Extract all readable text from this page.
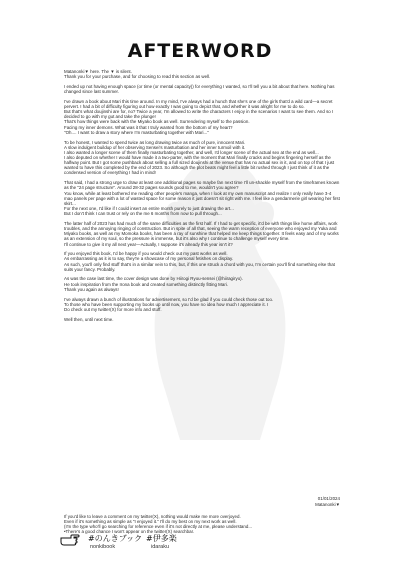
AFTERWORD

Matanonki▼ here. The ▼ is silent.
Thank you for your purchase, and for choosing to read this section as well.

I ended up not having enough space (or time (or mental capacity)) for everything I wanted, so I'll tell you a bit about that here. Nothing has changed since last summer.

I've drawn a book about Mari this time around. In my mind, I've always had a hunch that she's one of the girls that'd a wild card—a secret pervert. I had a bit of difficulty figuring out how exactly I was going to depict that, and whether it was alright for me to do so.
But that's what doujinshi are for, no? Twice a year, I'm allowed to write the characters I enjoy in the scenarios I want to see them. And so I decided to go with my gut and take the plunge!
That's how things were back with the Miyako book as well. Surrendering myself to the passion.
Facing my inner demons. What was it that I truly wanted from the bottom of my heart?
"Oh.... I want to draw a story where I'm masturbating together with Mari..."

To be honest, I wanted to spend twice as long drawing twice as much of pure, innocent Mari.
A slow indulgent buildup of her observing Sensei's masturbation and her inner turmoil with it.
I also wanted a longer scene of them finally masturbating together, and well, I'd longer scene of the actual sex at the end as well...
I also deputed on whether I would have made it a two-parter, with the moment that Mari finally cracks and begins fingering herself as the halfway point. But I got some pushback about selling a full sized doujinshi at the venue that has no actual sex in it, and on top of that I just wanted to have this completed by the end of 2023. So although the plot beats might feel a little bit rushed through I just think of it as the condensed version of everything I had in mind!

That said, I had a strong urge to draw at least one additional pages so maybe fan next time I'll un-shackle myself from the timeframes known as the "24 page structure". Around 28-32 pages sounds good to me, wouldn't you agree?
You know, while at least bothered me reading other people's manga, when I look at my own manuscript and realize I only really have 3-4 mao panels per page with a lot of wasted space for some reason it just doesn't sit right with me. I feel like a gendarmerie girl wearing her first skirt...
For the next one, I'd like if I could insert an entire month purely to just drawing the art...
But I don't think I can trust or rely on the me 6 months from now to pull through...

The latter half of 2023 has had much of the same difficulties as the first half. If I had to get specific, it'd be with things like home affairs, work troubles, and the annoying ringing of construction. But in spite of all that, seeing the warm reception of everyone who enjoyed my Yuka and Miyako books, as well as my Momoka books, has been a ray of sunshine that helped me keep things together. It feels easy and of my works as an extension of my soul, so the pressure is immense, but it's also why I continue to challenge myself every time.
I'll continue to give it my all next year—Actually, I suppose it's already this year isn't it?

If you enjoyed this book, I'd be happy if you would check out my past works as well.
As embarrassing as it is to say, they're a showcase of my personal fetishes on display.
As such, you'll only find stuff that's in a similar vein to this, but, if this one struck a chord with you, I'm certain you'll find something else that suits your fancy. Probably.

As was the case last time, the cover design was done by Hiirogi Ryou-sensei (@hiiragiryo).
He took inspiration from the Irona book and created something distinctly fitting Mari.
Thank you again as always!

I've always drawn a bunch of illustrations for advertisement, so I'd be glad if you could check those out too.
To those who have been supporting my books up until now, you have no idea how much I appreciate it. I
Do check out my twitter(X) for more info and stuff.

Well then, until next time.

01/01/2024
Matanonki▼

If you'd like to leave a comment on my twitter(X), nothing would make me more overjoyed.

Even if it's something as simple as "I enjoyed it." I'll do my best on my next work as well.

(I'm the type who'll go searching for reference even if it's not directly at me, please understand...

•There's a good chance I won't appear on the twitter(X) searchbar.

#のんきブック #伊多楽
nonkibook	idaraku
